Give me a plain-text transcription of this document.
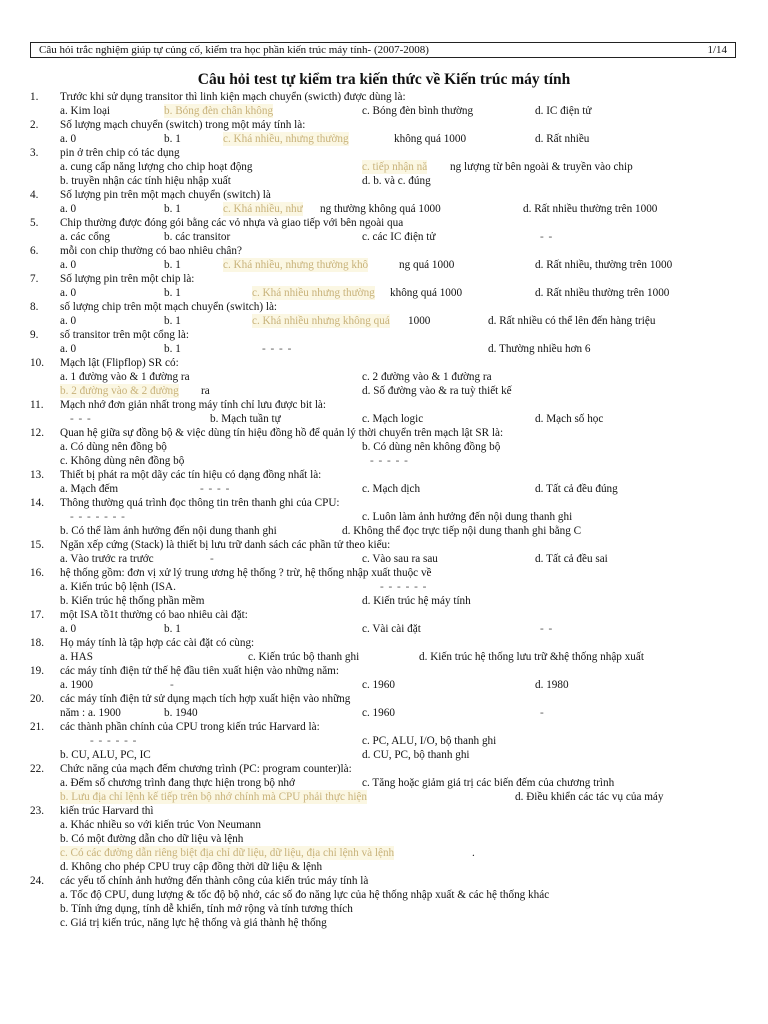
Câu hỏi trắc nghiệm giúp tự củng cố, kiểm tra học phần kiến trúc máy tính- (2007-2008)	1/14
Câu hỏi test tự kiểm tra kiến thức về Kiến trúc máy tính
1.	Trước khi sử dụng transitor thì linh kiện mạch chuyển (swicth) được dùng là:
a. Kim loại	b. Bóng đèn chân không	c. Bóng đèn bình thường	d. IC điện tử
2.	Số lượng mạch chuyển (switch) trong một máy tính là:
a. 0	b. 1	c. Khá nhiều, nhưng thường	không quá 1000	d. Rất nhiều
3.	pin ở trên chip có tác dụng
a. cung cấp năng lượng cho chip hoạt động	c. tiếp nhận nă ng lượng từ bên ngoài & truyền vào chip
b. truyền nhận các tính hiệu nhập xuất	d. b. và c. đúng
4.	Số lượng pin trên một mạch chuyển (switch) là
a. 0	b. 1	c. Khá nhiều, như ng thường không quá 1000	d. Rất nhiều thường trên 1000
5.	Chip thường được đóng gói bằng các vỏ nhựa và giao tiếp với bên ngoài qua
a. các cổng	b. các transitor	c. các IC điện tử	- -
6.	mỗi con chip thường có bao nhiêu chân?
a. 0	b. 1	c. Khá nhiều, nhưng thường khô	ng quá 1000	d. Rất nhiều, thường trên 1000
7.	Số lượng pin trên một chip là:
a. 0	b. 1	c. Khá nhiều nhưng thường không quá 1000	d. Rất nhiều thường trên 1000
8.	số lượng chip trên một mạch chuyển (switch) là:
a. 0	b. 1	c. Khá nhiều nhưng không quá 1000	d. Rất nhiều có thể lên đến hàng triệu
9.	số transitor trên một cổng là:
a. 0	b. 1	- - - -	d. Thường nhiều hơn 6
10.	Mạch lật (Flipflop) SR có:
a. 1 đường vào & 1 đường ra	c. 2 đường vào & 1 đường ra
b. 2 đường vào & 2 đường ra	d. Số đường vào & ra tuỳ thiết kế
11.	Mạch nhớ đơn giản nhất trong máy tính chỉ lưu được bit là:
- - -	b. Mạch tuần tự	c. Mạch logic	d. Mạch số học
12.	Quan hệ giữa sự đồng bộ & việc dùng tín hiệu đồng hồ để quản lý thời chuyển trên mạch lật SR là:
a. Có dùng nên đồng bộ	b. Có dùng nên không đồng bộ
c. Không dùng nên đồng bộ	- - - - -
13.	Thiết bị phát ra một dãy các tín hiệu có dạng đồng nhất là:
a. Mạch đếm	- - - -	c. Mạch dịch	d. Tất cả đều đúng
14.	Thông thường quá trình đọc thông tin trên thanh ghi của CPU:
- - - - - - -	c. Luôn làm ảnh hưởng đến nội dung thanh ghi
b. Có thể làm ảnh hưởng đến nội dung thanh ghi	d. Không thể đọc trực tiếp nội dung thanh ghi bằng C
15.	Ngăn xếp cứng (Stack) là thiết bị lưu trữ danh sách các phần tử theo kiểu:
a. Vào trước ra trước	-	c. Vào sau ra sau	d. Tất cả đều sai
16.	hệ thống gồm: đơn vị xử lý trung ương hệ thống ? trừ, hệ thống nhập xuất thuộc về
a. Kiến trúc bộ lệnh (ISA.	- - - - - -
b. Kiến trúc hệ thống phần mềm	d. Kiến trúc hệ máy tính
17.	một ISA tồ1t thường có bao nhiêu cài đặt:
a. 0	b. 1	c. Vài cài đặt	- -
18.	Họ máy tính là tập hợp các cài đặt có cùng:
a. HAS	c. Kiến trúc bộ thanh ghi	d. Kiến trúc hệ thống lưu trữ &hệ thống nhập xuất
19.	các máy tính điện tử thế hệ đầu tiên xuất hiện vào những năm:
a. 1900	-	c. 1960	d. 1980
20.	các máy tính điện tử sử dụng mạch tích hợp xuất hiện vào những
năm : a. 1900	b. 1940	c. 1960	-
21.	các thành phần chính của CPU trong kiến trúc Harvard là:
- - - - - -	c. PC, ALU, I/O, bộ thanh ghi
b. CU, ALU, PC, IC	d. CU, PC, bộ thanh ghi
22.	Chức năng của mạch đếm chương trình (PC: program counter)là:
a. Đếm số chương trình đang thực hiện trong bộ nhớ	c. Tăng hoặc giảm giá trị các biến đếm của chương trình
b. Lưu địa chỉ lệnh kế tiếp trên bộ nhớ chính mà CPU phải thực hiện	d. Điều khiển các tác vụ của máy
23.	kiến trúc Harvard thì
a. Khác nhiều so với kiến trúc Von Neumann
b. Có một đường dẫn cho dữ liệu và lệnh
c. Có các đường dẫn riêng biệt địa chỉ dữ liệu, dữ liệu, địa chỉ lệnh và lệnh	.
d. Không cho phép CPU truy cập đồng thời dữ liệu & lệnh
24.	các yếu tố chính ảnh hưởng đến thành công của kiến trúc máy tính là
a. Tốc độ CPU, dung lượng & tốc độ bộ nhớ, các số đo năng lực của hệ thống nhập xuất & các hệ thống khác
b. Tính ứng dụng, tính dễ khiển, tính mở rộng và tính tương thích
c. Giá trị kiến trúc, năng lực hệ thống và giá thành hệ thống
